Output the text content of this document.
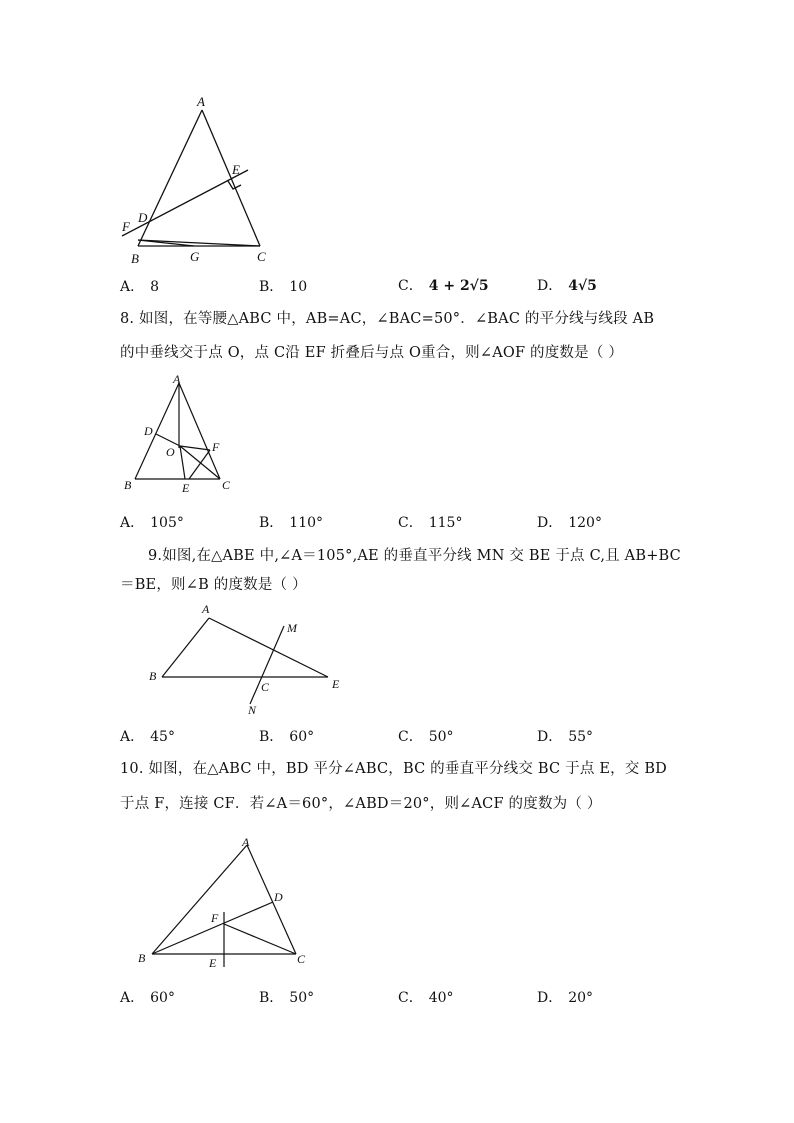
A
E
F
D
B	G	C
A． 8	B． 10	C． 4 + 2√5	D． 4√5
8. 如图，在等腰△ABC 中，AB=AC，∠BAC=50°．∠BAC 的平分线与线段 AB
的中垂线交于点 O，点 C沿 EF 折叠后与点 O重合，则∠AOF 的度数是（ ）
A
D
O	F
B	E	C
A． 105°	B． 110°	C． 115°	D． 120°
9.如图,在△ABE 中,∠A＝105°,AE 的垂直平分线 MN 交 BE 于点 C,且 AB+BC
＝BE，则∠B 的度数是（ ）
A
M
B
C	E
N
A． 45°	B． 60°	C． 50°	D． 55°
10. 如图，在△ABC 中，BD 平分∠ABC，BC 的垂直平分线交 BC 于点 E，交 BD
于点 F，连接 CF．若∠A＝60°，∠ABD＝20°，则∠ACF 的度数为（ ）
A
D
F
B	E	C
A． 60°	B． 50°	C． 40°	D． 20°
